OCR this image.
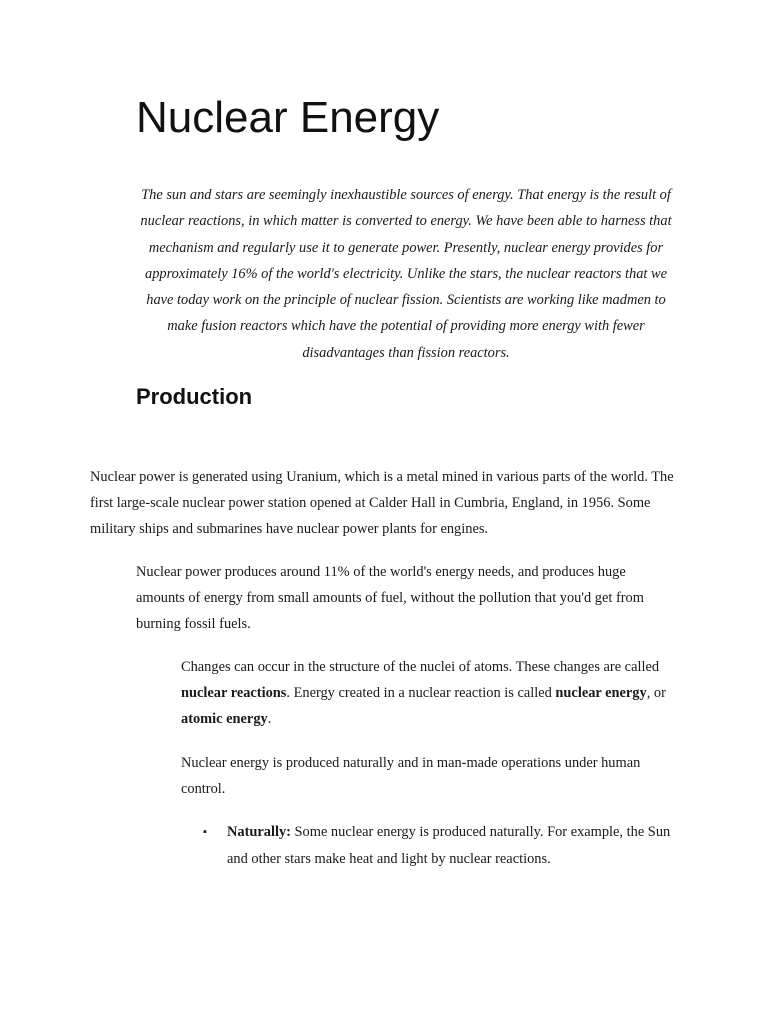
Nuclear Energy

The sun and stars are seemingly inexhaustible sources of energy. That energy is the result of nuclear reactions, in which matter is converted to energy. We have been able to harness that mechanism and regularly use it to generate power. Presently, nuclear energy provides for approximately 16% of the world's electricity. Unlike the stars, the nuclear reactors that we have today work on the principle of nuclear fission. Scientists are working like madmen to make fusion reactors which have the potential of providing more energy with fewer disadvantages than fission reactors.

Production

Nuclear power is generated using Uranium, which is a metal mined in various parts of the world. The first large-scale nuclear power station opened at Calder Hall in Cumbria, England, in 1956. Some military ships and submarines have nuclear power plants for engines.

Nuclear power produces around 11% of the world's energy needs, and produces huge amounts of energy from small amounts of fuel, without the pollution that you'd get from burning fossil fuels.

Changes can occur in the structure of the nuclei of atoms. These changes are called nuclear reactions. Energy created in a nuclear reaction is called nuclear energy, or atomic energy.

Nuclear energy is produced naturally and in man-made operations under human control.

▪ Naturally: Some nuclear energy is produced naturally. For example, the Sun and other stars make heat and light by nuclear reactions.
